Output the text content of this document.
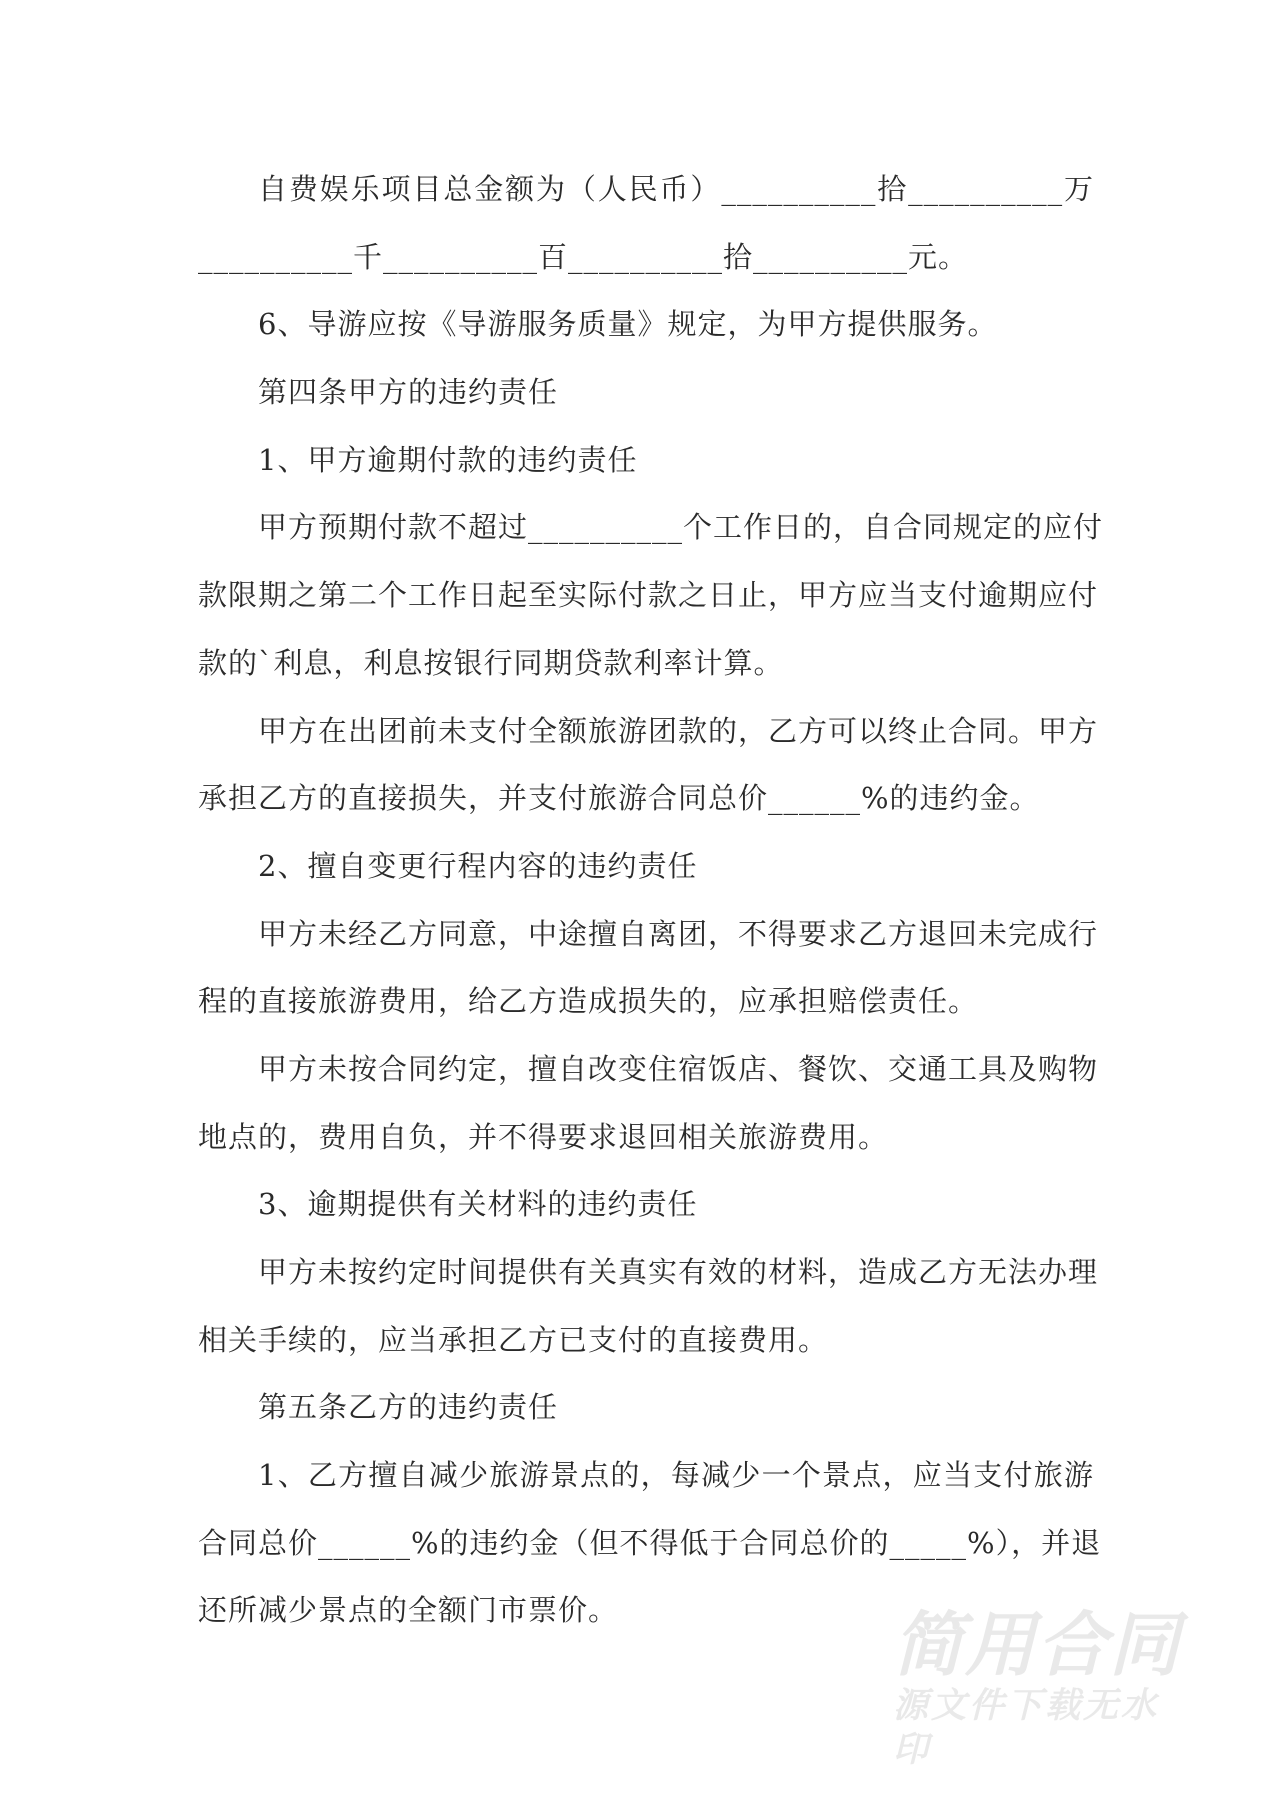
自费娱乐项目总金额为（人民币）__________拾__________万
__________千__________百__________拾__________元。
6、导游应按《导游服务质量》规定，为甲方提供服务。
第四条甲方的违约责任
1、甲方逾期付款的违约责任
甲方预期付款不超过__________个工作日的，自合同规定的应付
款限期之第二个工作日起至实际付款之日止，甲方应当支付逾期应付
款的`利息，利息按银行同期贷款利率计算。
甲方在出团前未支付全额旅游团款的，乙方可以终止合同。甲方
承担乙方的直接损失，并支付旅游合同总价______%的违约金。
2、擅自变更行程内容的违约责任
甲方未经乙方同意，中途擅自离团，不得要求乙方退回未完成行
程的直接旅游费用，给乙方造成损失的，应承担赔偿责任。
甲方未按合同约定，擅自改变住宿饭店、餐饮、交通工具及购物
地点的，费用自负，并不得要求退回相关旅游费用。
3、逾期提供有关材料的违约责任
甲方未按约定时间提供有关真实有效的材料，造成乙方无法办理
相关手续的，应当承担乙方已支付的直接费用。
第五条乙方的违约责任
1、乙方擅自减少旅游景点的，每减少一个景点，应当支付旅游
合同总价______%的违约金（但不得低于合同总价的_____%），并退
还所减少景点的全额门市票价。	简用合同
源文件下载无水印
